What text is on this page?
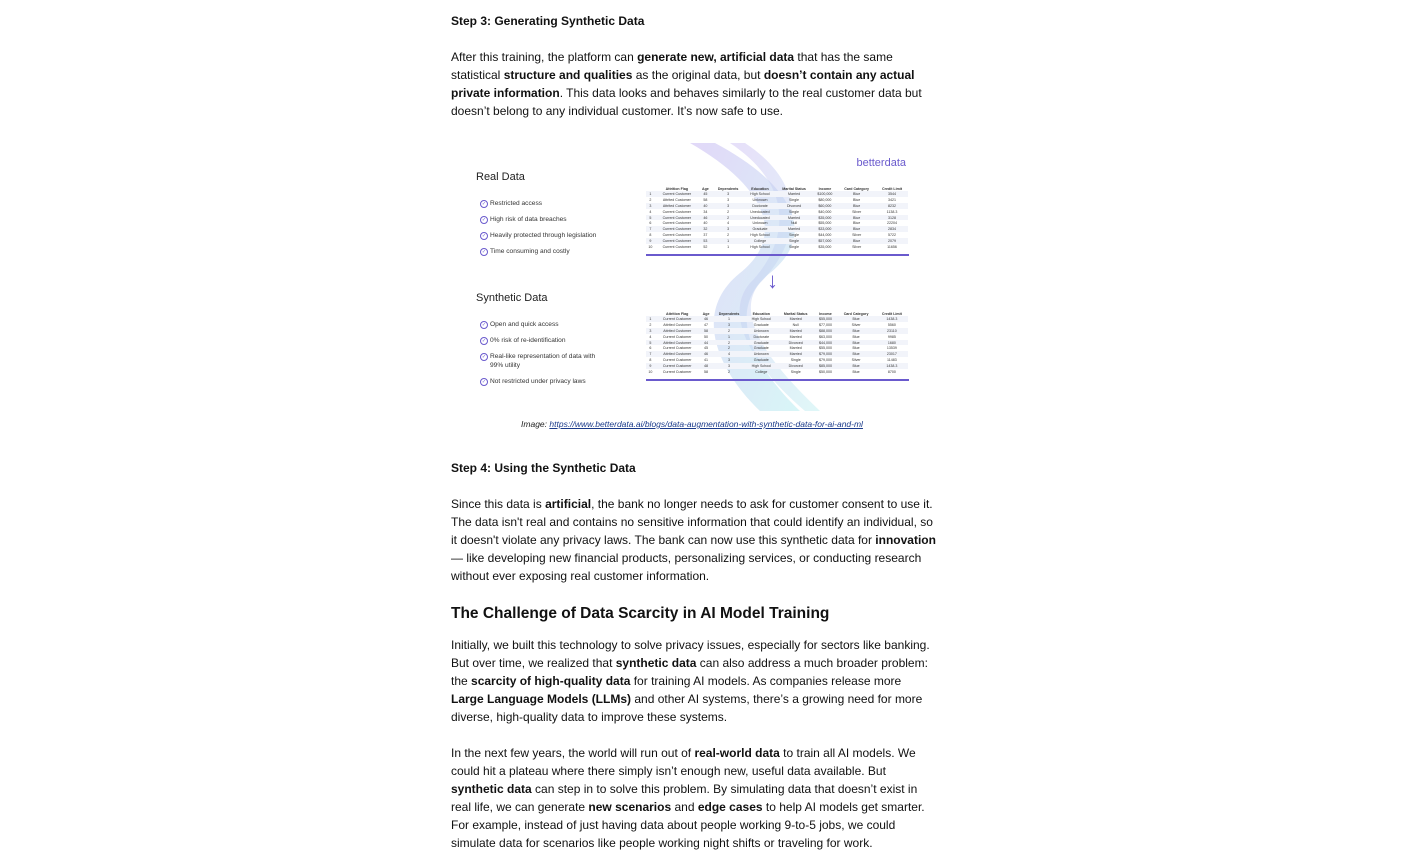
Step 3: Generating Synthetic Data

After this training, the platform can generate new, artificial data that has the same statistical structure and qualities as the original data, but doesn’t contain any actual private information. This data looks and behaves similarly to the real customer data but doesn’t belong to any individual customer. It’s now safe to use.

betterdata

Real Data

✓ Restricted access
✓ High risk of data breaches
✓ Heavily protected through legislation
✓ Time consuming and costly
	Attrition Flag	Age	Dependents	Education	Marital Status	Income	Card Category	Credit Limit
1	Current Customer	45	3	High School	Married	$100,000	Blue	3544
2	Attrited Customer	58	3	Unknown	Single	$80,000	Blue	3421
3	Attrited Customer	40	3	Doctorate	Divorced	$60,000	Blue	8232
4	Current Customer	34	2	Uneducated	Single	$40,000	Silver	1138.3
5	Current Customer	46	2	Uneducated	Married	$35,000	Blue	3128
6	Current Customer	40	4	Unknown	Null	$55,000	Blue	22204
7	Current Customer	32	3	Graduate	Married	$33,000	Blue	2834
8	Current Customer	37	2	High School	Single	$44,000	Silver	5722
9	Current Customer	53	1	College	Single	$57,000	Blue	2079
10	Current Customer	52	1	High School	Single	$35,000	Silver	11656
↓

Synthetic Data

✓ Open and quick access
✓ 0% risk of re-identification
✓ Real-like representation of data with 99% utility
✓ Not restricted under privacy laws
	Attrition Flag	Age	Dependents	Education	Marital Status	Income	Card Category	Credit Limit
1	Current Customer	46	1	High School	Married	$55,000	Blue	1438.3
2	Attrited Customer	47	3	Graduate	Null	$77,000	Silver	5560
3	Attrited Customer	58	2	Unknown	Married	$88,000	Blue	23110
4	Current Customer	50	1	Doctorate	Married	$63,000	Blue	9985
5	Attrited Customer	44	2	Graduate	Divorced	$44,000	Blue	1680
6	Current Customer	45	2	Graduate	Married	$55,000	Blue	13539
7	Attrited Customer	46	4	Unknown	Married	$79,000	Blue	23017
8	Current Customer	41	3	Graduate	Single	$79,000	Silver	11483
9	Current Customer	48	3	High School	Divorced	$85,000	Blue	1438.3
10	Current Customer	58	2	College	Single	$50,000	Blue	8700
Image: https://www.betterdata.ai/blogs/data-augmentation-with-synthetic-data-for-ai-and-ml
Step 4: Using the Synthetic Data

Since this data is artificial, the bank no longer needs to ask for customer consent to use it. The data isn't real and contains no sensitive information that could identify an individual, so it doesn't violate any privacy laws. The bank can now use this synthetic data for innovation — like developing new financial products, personalizing services, or conducting research without ever exposing real customer information.

The Challenge of Data Scarcity in AI Model Training

Initially, we built this technology to solve privacy issues, especially for sectors like banking. But over time, we realized that synthetic data can also address a much broader problem: the scarcity of high-quality data for training AI models. As companies release more Large Language Models (LLMs) and other AI systems, there’s a growing need for more diverse, high-quality data to improve these systems.

In the next few years, the world will run out of real-world data to train all AI models. We could hit a plateau where there simply isn’t enough new, useful data available. But synthetic data can step in to solve this problem. By simulating data that doesn’t exist in real life, we can generate new scenarios and edge cases to help AI models get smarter. For example, instead of just having data about people working 9-to-5 jobs, we could simulate data for scenarios like people working night shifts or traveling for work.
